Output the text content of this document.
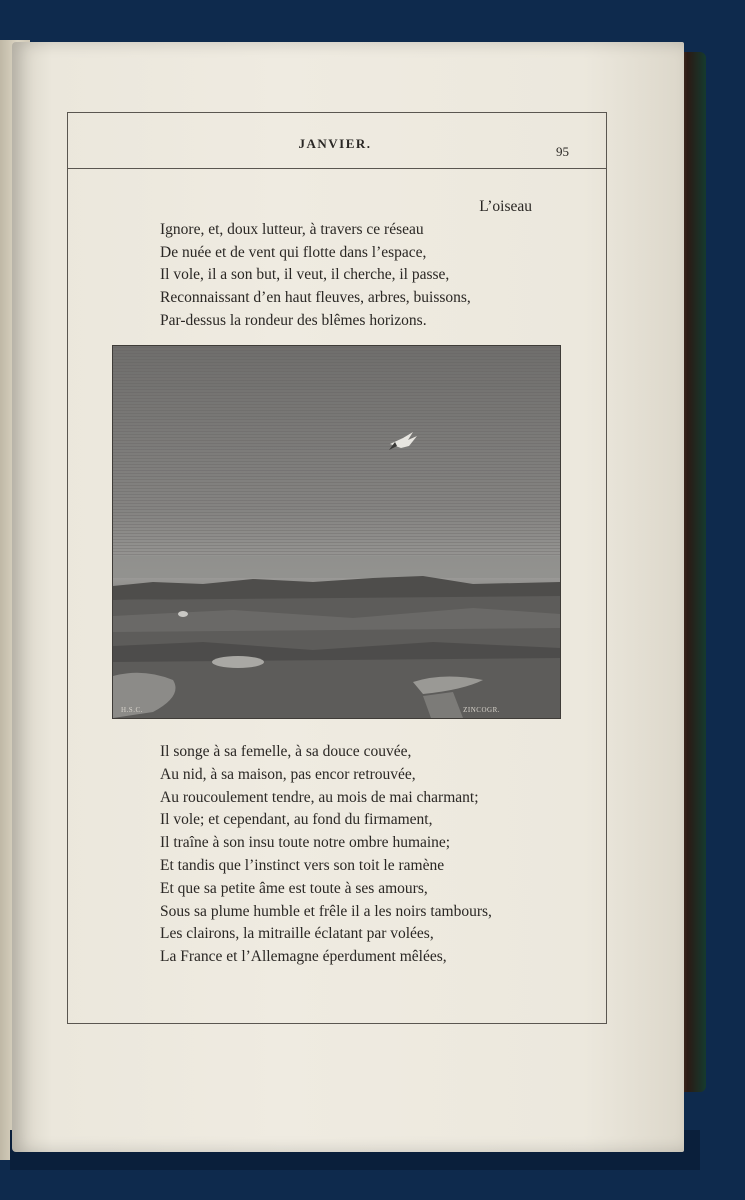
JANVIER.
95
L’oiseau
Ignore, et, doux lutteur, à travers ce réseau
De nuée et de vent qui flotte dans l’espace,
Il vole, il a son but, il veut, il cherche, il passe,
Reconnaissant d’en haut fleuves, arbres, buissons,
Par-dessus la rondeur des blêmes horizons.
H.S.C.	ZINCOGR.
Il songe à sa femelle, à sa douce couvée,
Au nid, à sa maison, pas encor retrouvée,
Au roucoulement tendre, au mois de mai charmant;
Il vole; et cependant, au fond du firmament,
Il traîne à son insu toute notre ombre humaine;
Et tandis que l’instinct vers son toit le ramène
Et que sa petite âme est toute à ses amours,
Sous sa plume humble et frêle il a les noirs tambours,
Les clairons, la mitraille éclatant par volées,
La France et l’Allemagne éperdument mêlées,
